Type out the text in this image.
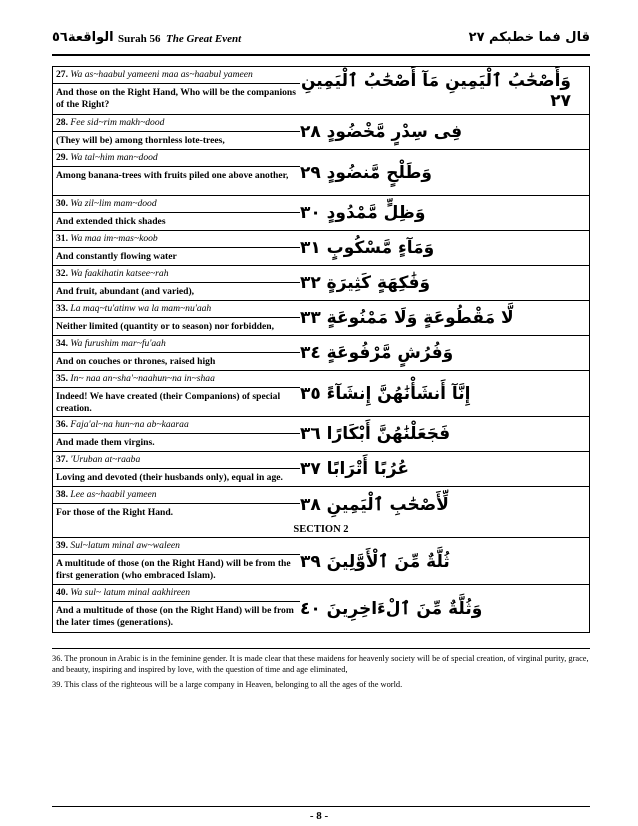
الواقعة٥٦ Surah 56 The Great Event	قال فما خطبكم ٢٧
27. Wa as~haabul yameeni maa as~haabul yameen
And those on the Right Hand, Who will be the companions of the Right?
وَأَصْحَٰبُ ٱلْيَمِينِ مَآ أَصْحَٰبُ ٱلْيَمِينِ ٢٧
28. Fee sid~rim makh~dood
(They will be) among thornless lote-trees,	فِى سِدْرٍ مَّخْضُودٍ ٢٨
29. Wa tal~him man~dood
Among banana-trees with fruits piled one above another, وَطَلْحٍ مَّنضُودٍ ٢٩
30. Wa zil~lim mam~dood
And extended thick shades	وَظِلٍّ مَّمْدُودٍ ٣٠
31. Wa maa im~mas~koob
And constantly flowing water	وَمَآءٍ مَّسْكُوبٍ ٣١
32. Wa faakihatin katsee~rah
And fruit, abundant (and varied),	وَفَٰكِهَةٍ كَثِيرَةٍ ٣٢
33. La maq~tu'atinw wa la mam~nu'aah
Neither limited (quantity or to season) nor forbidden,	لَّا مَقْطُوعَةٍ وَلَا مَمْنُوعَةٍ ٣٣
34. Wa furushim mar~fu'aah
And on couches or thrones, raised high	وَفُرُشٍ مَّرْفُوعَةٍ ٣٤
35. In~ naa an~sha'~naahun~na in~shaa
Indeed! We have created (their Companions) of special creation.
إِنَّآ أَنشَأْنَٰهُنَّ إِنشَآءً ٣٥
36. Faja'al~na hun~na ab~kaaraa
And made them virgins.	فَجَعَلْنَٰهُنَّ أَبْكَارًا ٣٦
37. 'Uruban at~raaba
Loving and devoted (their husbands only), equal in age.	عُرُبًا أَتْرَابًا ٣٧
38. Lee as~haabil yameen
For those of the Right Hand.	لِّأَصْحَٰبِ ٱلْيَمِينِ ٣٨
SECTION 2
39. Sul~latum minal aw~waleen
A multitude of those (on the Right Hand) will be from the first generation (who embraced Islam).
ثُلَّةٌ مِّنَ ٱلْأَوَّلِينَ ٣٩
40. Wa sul~ latum minal aakhireen
And a multitude of those (on the Right Hand) will be from the later times (generations).
وَثُلَّةٌ مِّنَ ٱلْءَاخِرِينَ ٤٠

36. The pronoun in Arabic is in the feminine gender. It is made clear that these maidens for heavenly society will be of special creation, of virginal purity, grace, and beauty, inspiring and inspired by love, with the question of time and age eliminated,

39. This class of the righteous will be a large company in Heaven, belonging to all the ages of the world.

- 8 -
